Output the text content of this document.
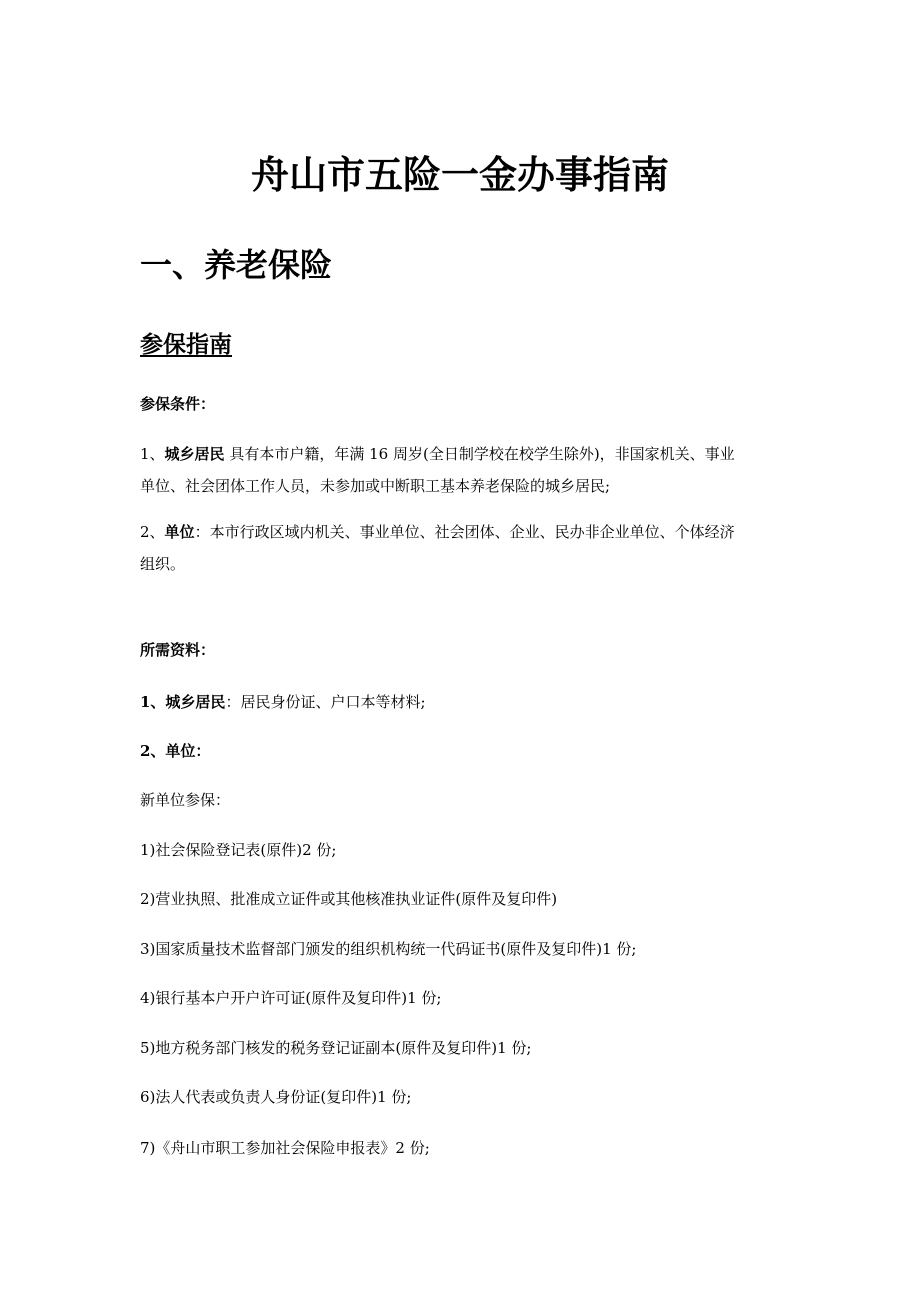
舟山市五险一金办事指南
一、养老保险
参保指南
参保条件：
1、城乡居民 具有本市户籍，年满 16 周岁(全日制学校在校学生除外)，非国家机关、事业
单位、社会团体工作人员，未参加或中断职工基本养老保险的城乡居民;
2、单位：本市行政区域内机关、事业单位、社会团体、企业、民办非企业单位、个体经济
组织。
所需资料：
1、城乡居民：居民身份证、户口本等材料;
2、单位：
新单位参保：
1)社会保险登记表(原件)2 份;
2)营业执照、批准成立证件或其他核准执业证件(原件及复印件)
3)国家质量技术监督部门颁发的组织机构统一代码证书(原件及复印件)1 份;
4)银行基本户开户许可证(原件及复印件)1 份;
5)地方税务部门核发的税务登记证副本(原件及复印件)1 份;
6)法人代表或负责人身份证(复印件)1 份;
7)《舟山市职工参加社会保险申报表》2 份;
